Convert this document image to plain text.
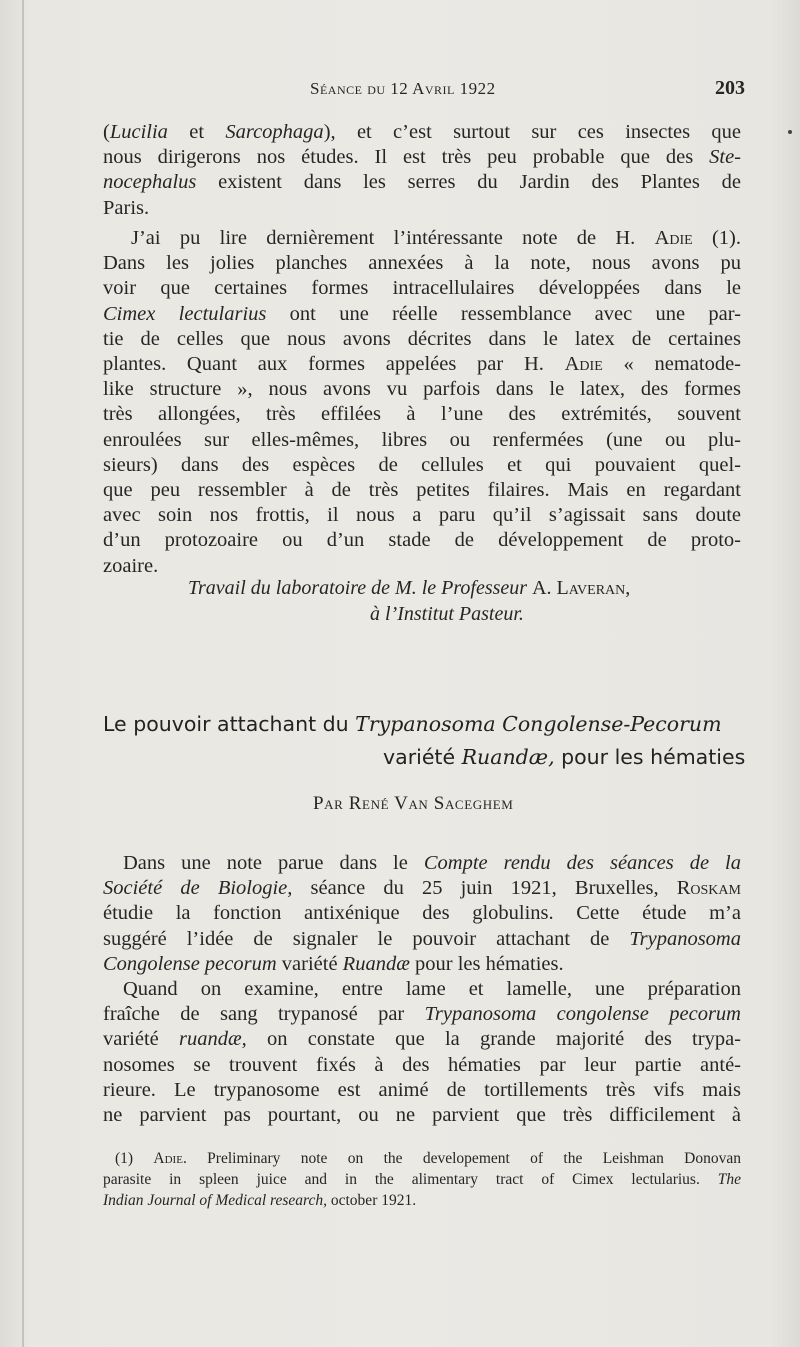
Séance du 12 Avril 1922	203
(Lucilia et Sarcophaga), et c’est surtout sur ces insectes que
nous dirigerons nos études. Il est très peu probable que des Ste-
nocephalus existent dans les serres du Jardin des Plantes de
Paris.
J’ai pu lire dernièrement l’intéressante note de H. Adie (1).
Dans les jolies planches annexées à la note, nous avons pu
voir que certaines formes intracellulaires développées dans le
Cimex lectularius ont une réelle ressemblance avec une par-
tie de celles que nous avons décrites dans le latex de certaines
plantes. Quant aux formes appelées par H. Adie « nematode-
like structure », nous avons vu parfois dans le latex, des formes
très allongées, très effilées à l’une des extrémités, souvent
enroulées sur elles-mêmes, libres ou renfermées (une ou plu-
sieurs) dans des espèces de cellules et qui pouvaient quel-
que peu ressembler à de très petites filaires. Mais en regardant
avec soin nos frottis, il nous a paru qu’il s’agissait sans doute
d’un protozoaire ou d’un stade de développement de proto-
zoaire.
Travail du laboratoire de M. le Professeur A. Laveran,
à l’Institut Pasteur.
Le pouvoir attachant du Trypanosoma Congolense-Pecorum
variété Ruandæ, pour les hématies
Par René Van Saceghem
Dans une note parue dans le Compte rendu des séances de la
Société de Biologie, séance du 25 juin 1921, Bruxelles, Roskam
étudie la fonction antixénique des globulins. Cette étude m’a
suggéré l’idée de signaler le pouvoir attachant de Trypanosoma
Congolense pecorum variété Ruandæ pour les hématies.
Quand on examine, entre lame et lamelle, une préparation
fraîche de sang trypanosé par Trypanosoma congolense pecorum
variété ruandæ, on constate que la grande majorité des trypa-
nosomes se trouvent fixés à des hématies par leur partie anté-
rieure. Le trypanosome est animé de tortillements très vifs mais
ne parvient pas pourtant, ou ne parvient que très difficilement à
(1) Adie. Preliminary note on the developement of the Leishman Donovan
parasite in spleen juice and in the alimentary tract of Cimex lectularius. The
Indian Journal of Medical research, october 1921.
